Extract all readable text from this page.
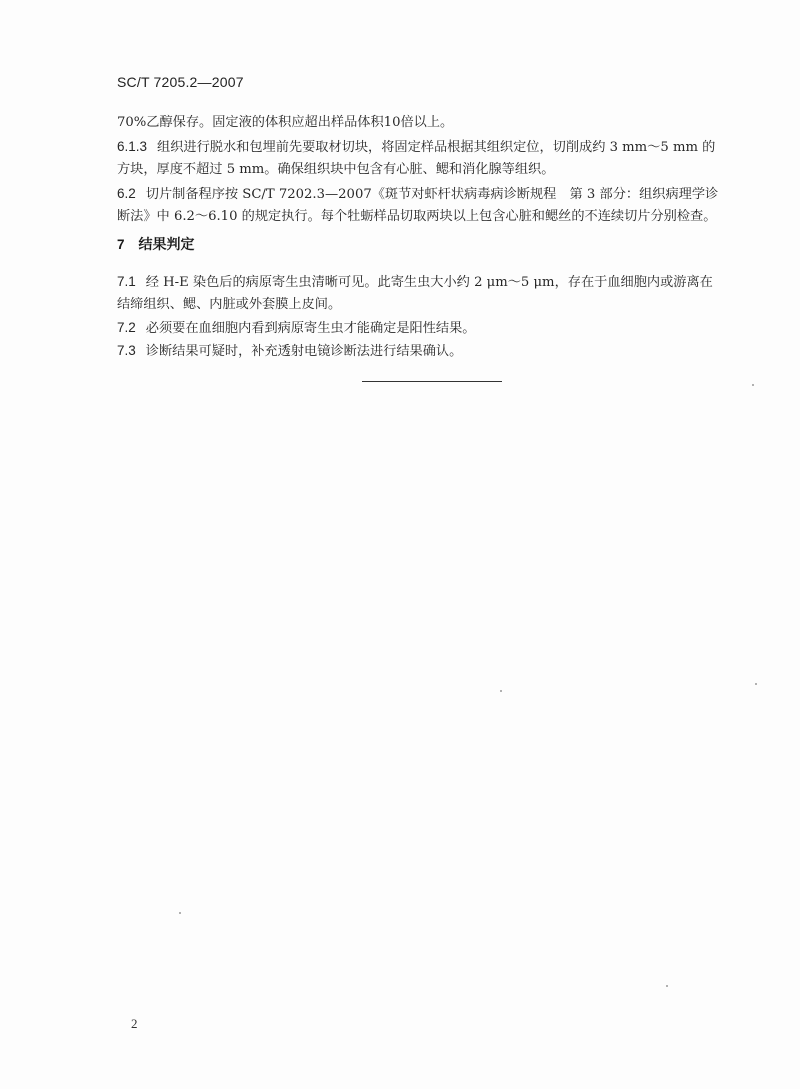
SC/T 7205.2—2007
70%乙醇保存。固定液的体积应超出样品体积10倍以上。
6.1.3 组织进行脱水和包埋前先要取材切块，将固定样品根据其组织定位，切削成约 3 mm～5 mm 的
方块，厚度不超过 5 mm。确保组织块中包含有心脏、鳃和消化腺等组织。
6.2 切片制备程序按 SC/T 7202.3—2007《斑节对虾杆状病毒病诊断规程　第 3 部分：组织病理学诊
断法》中 6.2～6.10 的规定执行。每个牡蛎样品切取两块以上包含心脏和鳃丝的不连续切片分别检查。
7 结果判定
7.1 经 H-E 染色后的病原寄生虫清晰可见。此寄生虫大小约 2 μm～5 μm，存在于血细胞内或游离在
结缔组织、鳃、内脏或外套膜上皮间。
7.2 必须要在血细胞内看到病原寄生虫才能确定是阳性结果。
7.3 诊断结果可疑时，补充透射电镜诊断法进行结果确认。
2
